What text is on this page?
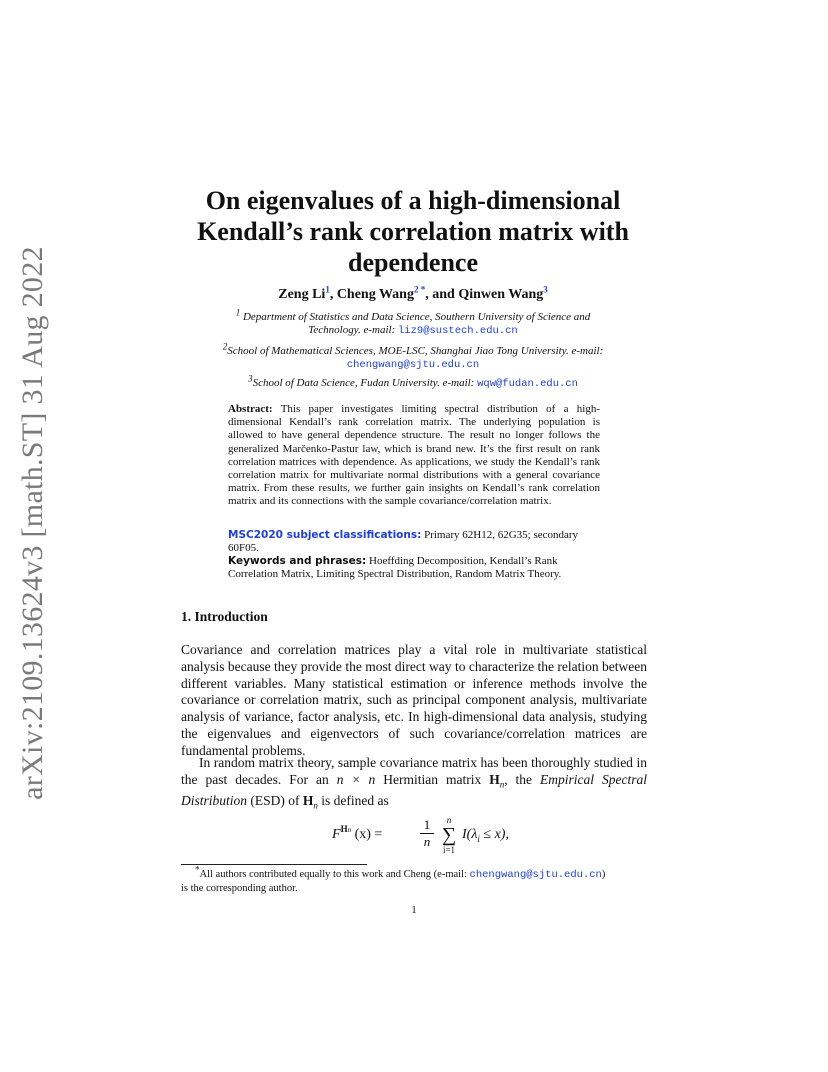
arXiv:2109.13624v3 [math.ST] 31 Aug 2022
On eigenvalues of a high-dimensional
Kendall’s rank correlation matrix with
dependence
Zeng Li$^1$, Cheng Wang$^2$ *, and Qinwen Wang$^3$
$^1$ Department of Statistics and Data Science, Southern University of Science and
Technology. e-mail: liz9@sustech.edu.cn
$^2$School of Mathematical Sciences, MOE-LSC, Shanghai Jiao Tong University. e-mail:
chengwang@sjtu.edu.cn
$^3$School of Data Science, Fudan University. e-mail: wqw@fudan.edu.cn
Abstract: This paper investigates limiting spectral distribution of a high-dimensional Kendall’s rank correlation matrix. The underlying population is allowed to have general dependence structure. The result no longer follows the generalized Marčenko-Pastur law, which is brand new. It’s the first result on rank correlation matrices with dependence. As applications, we study the Kendall’s rank correlation matrix for multivariate normal distributions with a general covariance matrix. From these results, we further gain insights on Kendall’s rank correlation matrix and its connections with the sample covariance/correlation matrix.
MSC2020 subject classifications: Primary 62H12, 62G35; secondary 60F05.
Keywords and phrases: Hoeffding Decomposition, Kendall’s Rank Correlation Matrix, Limiting Spectral Distribution, Random Matrix Theory.
1. Introduction
Covariance and correlation matrices play a vital role in multivariate statistical analysis because they provide the most direct way to characterize the relation between different variables. Many statistical estimation or inference methods involve the covariance or correlation matrix, such as principal component analysis, multivariate analysis of variance, factor analysis, etc. In high-dimensional data analysis, studying the eigenvalues and eigenvectors of such covariance/correlation matrices are fundamental problems.
In random matrix theory, sample covariance matrix has been thoroughly studied in the past decades. For an n × n Hermitian matrix $H_n$, the Empirical Spectral Distribution (ESD) of $H_n$ is defined as
$F^{Hn}$ (x) =
1
n
n
∑
i=1
$I(\lambda_i \le x)$,
*All authors contributed equally to this work and Cheng (e-mail: chengwang@sjtu.edu.cn)
is the corresponding author.
1
